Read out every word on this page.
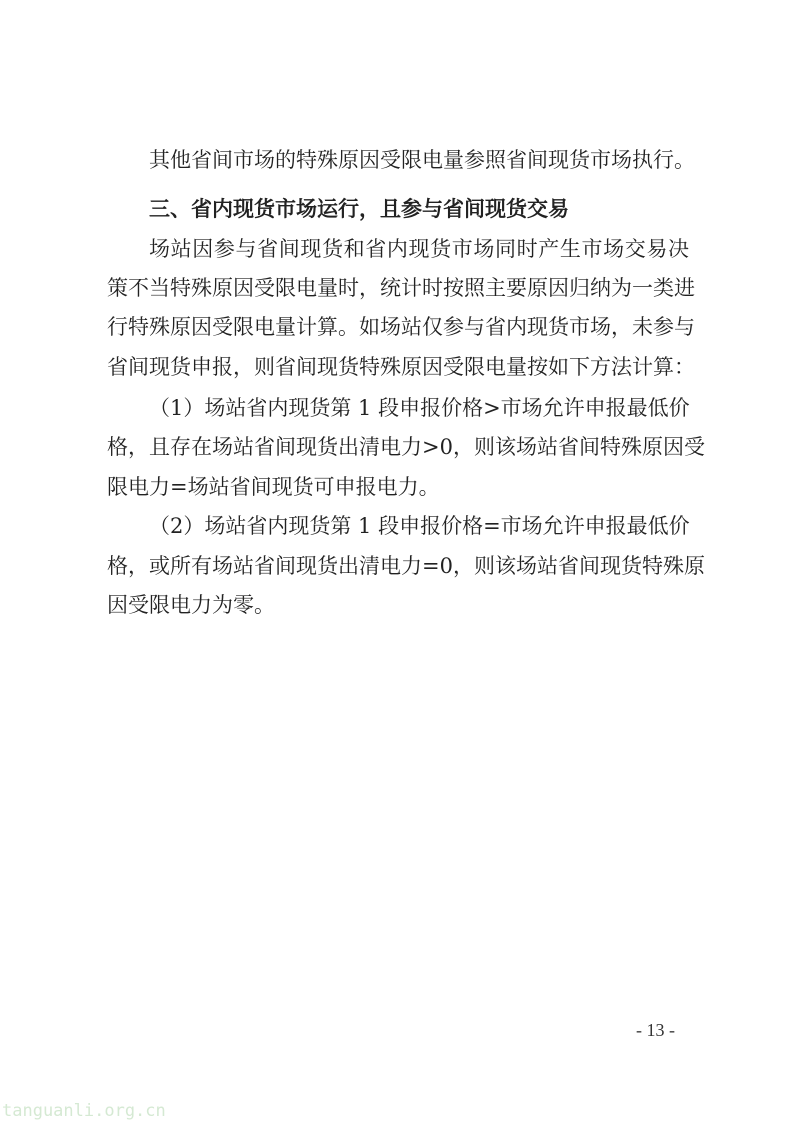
其他省间市场的特殊原因受限电量参照省间现货市场执行。
三、省内现货市场运行，且参与省间现货交易
场站因参与省间现货和省内现货市场同时产生市场交易决
策不当特殊原因受限电量时，统计时按照主要原因归纳为一类进
行特殊原因受限电量计算。如场站仅参与省内现货市场，未参与
省间现货申报，则省间现货特殊原因受限电量按如下方法计算：
（1）场站省内现货第 1 段申报价格>市场允许申报最低价
格，且存在场站省间现货出清电力>0，则该场站省间特殊原因受
限电力=场站省间现货可申报电力。
（2）场站省内现货第 1 段申报价格=市场允许申报最低价
格，或所有场站省间现货出清电力=0，则该场站省间现货特殊原
因受限电力为零。
- 13 -
tanguanli.org.cn
